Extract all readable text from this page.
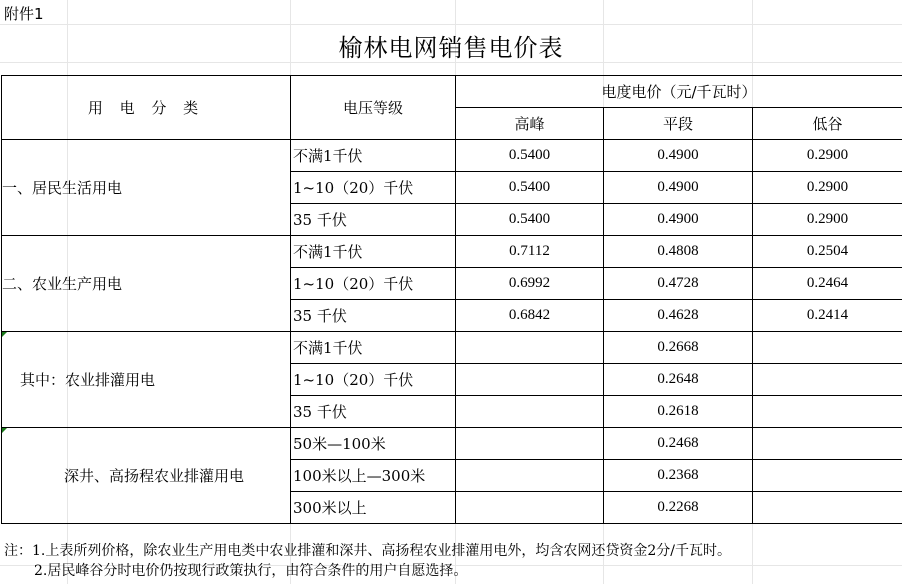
附件1
榆林电网销售电价表
用 电 分 类	电压等级	电度电价（元/千瓦时）		
		高峰	平段	低谷
一、居民生活用电	不满1千伏	0.5400	0.4900	0.2900
	1~10（20）千伏	0.5400	0.4900	0.2900
	35 千伏	0.5400	0.4900	0.2900
二、农业生产用电	不满1千伏	0.7112	0.4808	0.2504
	1~10（20）千伏	0.6992	0.4728	0.2464
	35 千伏	0.6842	0.4628	0.2414
其中：农业排灌用电	不满1千伏		0.2668	
	1~10（20）千伏		0.2648	
	35 千伏		0.2618	
深井、高扬程农业排灌用电	50米—100米		0.2468	
	100米以上—300米		0.2368	
	300米以上		0.2268	
注：1.上表所列价格，除农业生产用电类中农业排灌和深井、高扬程农业排灌用电外，均含农网还贷资金2分/千瓦时。
2.居民峰谷分时电价仍按现行政策执行，由符合条件的用户自愿选择。
